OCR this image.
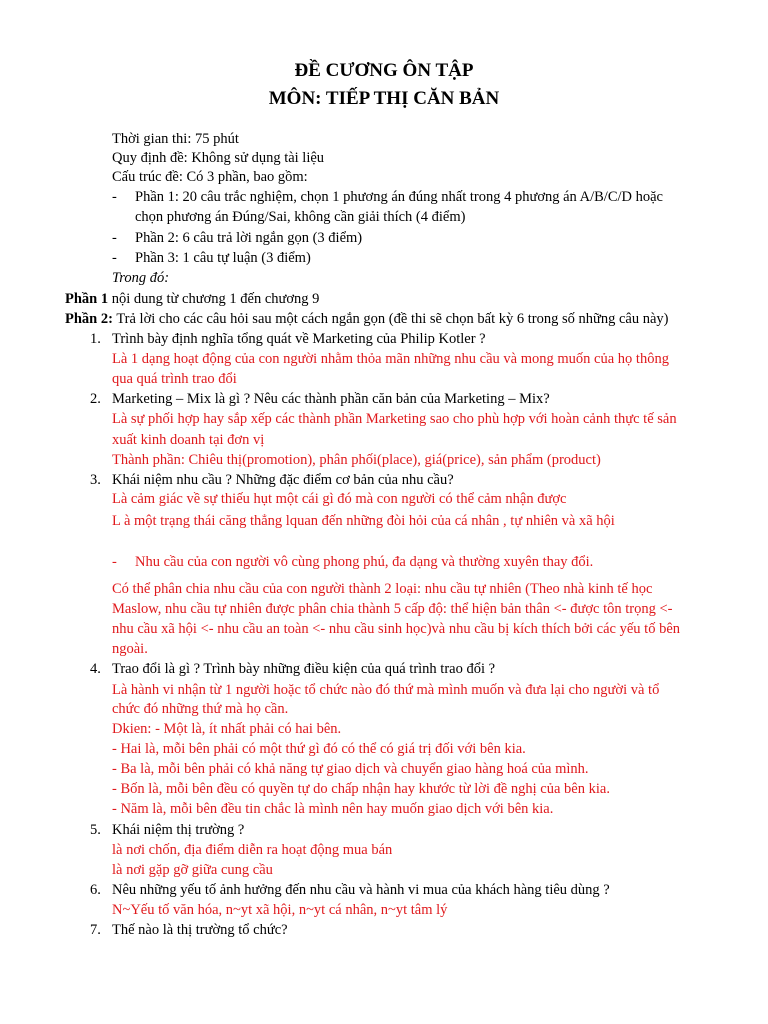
ĐỀ CƯƠNG ÔN TẬP
MÔN: TIẾP THỊ CĂN BẢN
Thời gian thi: 75 phút
Quy định đề: Không sử dụng tài liệu
Cấu trúc đề: Có 3 phần, bao gồm:
- Phần 1: 20 câu trắc nghiệm, chọn 1 phương án đúng nhất trong 4 phương án A/B/C/D hoặc
chọn phương án Đúng/Sai, không cần giải thích (4 điểm)
- Phần 2: 6 câu trả lời ngắn gọn (3 điểm)
- Phần 3: 1 câu tự luận (3 điểm)
Trong đó:
Phần 1 nội dung từ chương 1 đến chương 9
Phần 2: Trả lời cho các câu hỏi sau một cách ngắn gọn (đề thi sẽ chọn bất kỳ 6 trong số những câu này)
1. Trình bày định nghĩa tổng quát về Marketing của Philip Kotler ?
Là 1 dạng hoạt động của con người nhằm thỏa mãn những nhu cầu và mong muốn của họ thông
qua quá trình trao đổi
2. Marketing – Mix là gì ? Nêu các thành phần căn bản của Marketing – Mix?
Là sự phối hợp hay sắp xếp các thành phần Marketing sao cho phù hợp với hoàn cảnh thực tế sản
xuất kinh doanh tại đơn vị
Thành phần: Chiêu thị(promotion), phân phối(place), giá(price), sản phẩm (product)
3. Khái niệm nhu cầu ? Những đặc điểm cơ bản của nhu cầu?
Là cảm giác về sự thiếu hụt một cái gì đó mà con người có thể cảm nhận được
L à một trạng thái căng thẳng lquan đến những đòi hỏi của cá nhân , tự nhiên và xã hội
- Nhu cầu của con người vô cùng phong phú, đa dạng và thường xuyên thay đổi.
Có thể phân chia nhu cầu của con người thành 2 loại: nhu cầu tự nhiên (Theo nhà kinh tế học
Maslow, nhu cầu tự nhiên được phân chia thành 5 cấp độ: thể hiện bản thân <- được tôn trọng <-
nhu cầu xã hội <- nhu cầu an toàn <- nhu cầu sinh học)và nhu cầu bị kích thích bởi các yếu tố bên
ngoài.
4. Trao đổi là gì ? Trình bày những điều kiện của quá trình trao đổi ?
Là hành vi nhận từ 1 người hoặc tổ chức nào đó thứ mà mình muốn và đưa lại cho người và tổ
chức đó những thứ mà họ cần.
Dkien: - Một là, ít nhất phải có hai bên.
- Hai là, mỗi bên phải có một thứ gì đó có thể có giá trị đối với bên kia.
- Ba là, mỗi bên phải có khả năng tự giao dịch và chuyển giao hàng hoá của mình.
- Bốn là, mỗi bên đều có quyền tự do chấp nhận hay khước từ lời đề nghị của bên kia.
- Năm là, mỗi bên đều tin chắc là mình nên hay muốn giao dịch với bên kia.
5. Khái niệm thị trường ?
là nơi chốn, địa điểm diễn ra hoạt động mua bán
là nơi gặp gỡ giữa cung cầu
6. Nêu những yếu tố ảnh hưởng đến nhu cầu và hành vi mua của khách hàng tiêu dùng ?
N~Yếu tố văn hóa, n~yt xã hội, n~yt cá nhân, n~yt tâm lý
7. Thế nào là thị trường tổ chức?
